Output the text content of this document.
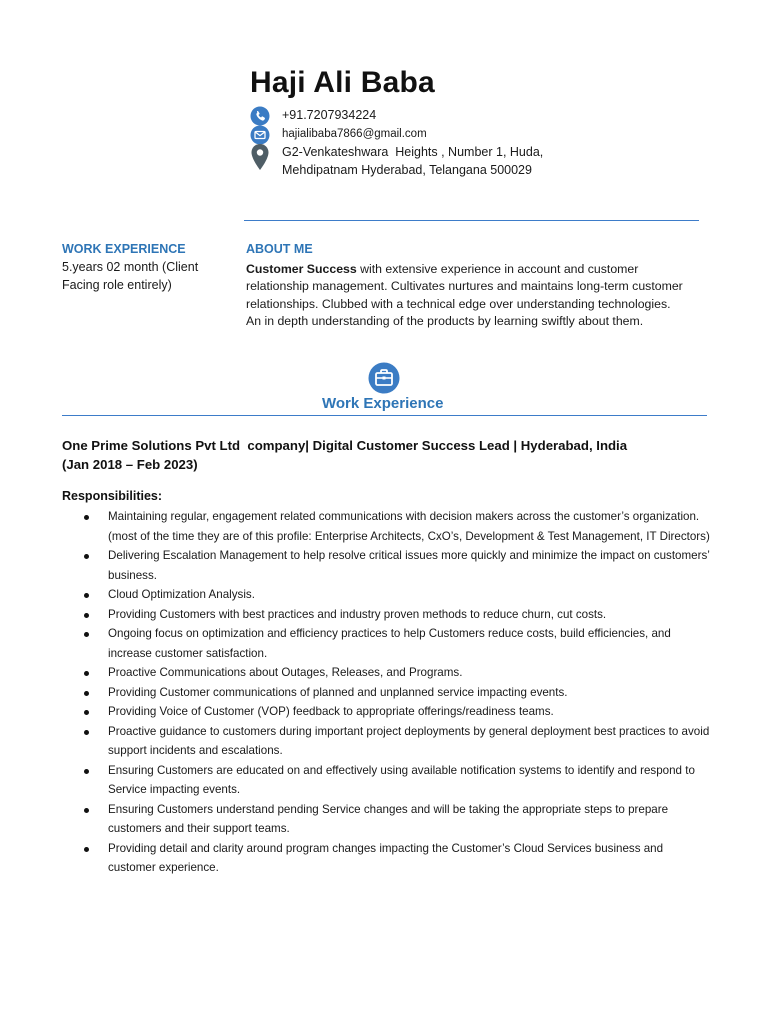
Haji Ali Baba
+91.7207934224
hajialibaba7866@gmail.com
G2-Venkateshwara  Heights , Number 1, Huda,
Mehdipatnam Hyderabad, Telangana 500029
WORK EXPERIENCE
5.years 02 month (Client Facing role entirely)
ABOUT ME
Customer Success with extensive experience in account and customer relationship management. Cultivates nurtures and maintains long-term customer relationships. Clubbed with a technical edge over understanding technologies. An in depth understanding of the products by learning swiftly about them.
Work Experience
One Prime Solutions Pvt Ltd  company| Digital Customer Success Lead | Hyderabad, India
(Jan 2018 – Feb 2023)
Responsibilities:
Maintaining regular, engagement related communications with decision makers across the customer’s organization. (most of the time they are of this profile: Enterprise Architects, CxO’s, Development & Test Management, IT Directors)
Delivering Escalation Management to help resolve critical issues more quickly and minimize the impact on customers’ business.
Cloud Optimization Analysis.
Providing Customers with best practices and industry proven methods to reduce churn, cut costs.
Ongoing focus on optimization and efficiency practices to help Customers reduce costs, build efficiencies, and increase customer satisfaction.
Proactive Communications about Outages, Releases, and Programs.
Providing Customer communications of planned and unplanned service impacting events.
Providing Voice of Customer (VOP) feedback to appropriate offerings/readiness teams.
Proactive guidance to customers during important project deployments by general deployment best practices to avoid support incidents and escalations.
Ensuring Customers are educated on and effectively using available notification systems to identify and respond to Service impacting events.
Ensuring Customers understand pending Service changes and will be taking the appropriate steps to prepare customers and their support teams.
Providing detail and clarity around program changes impacting the Customer’s Cloud Services business and customer experience.
